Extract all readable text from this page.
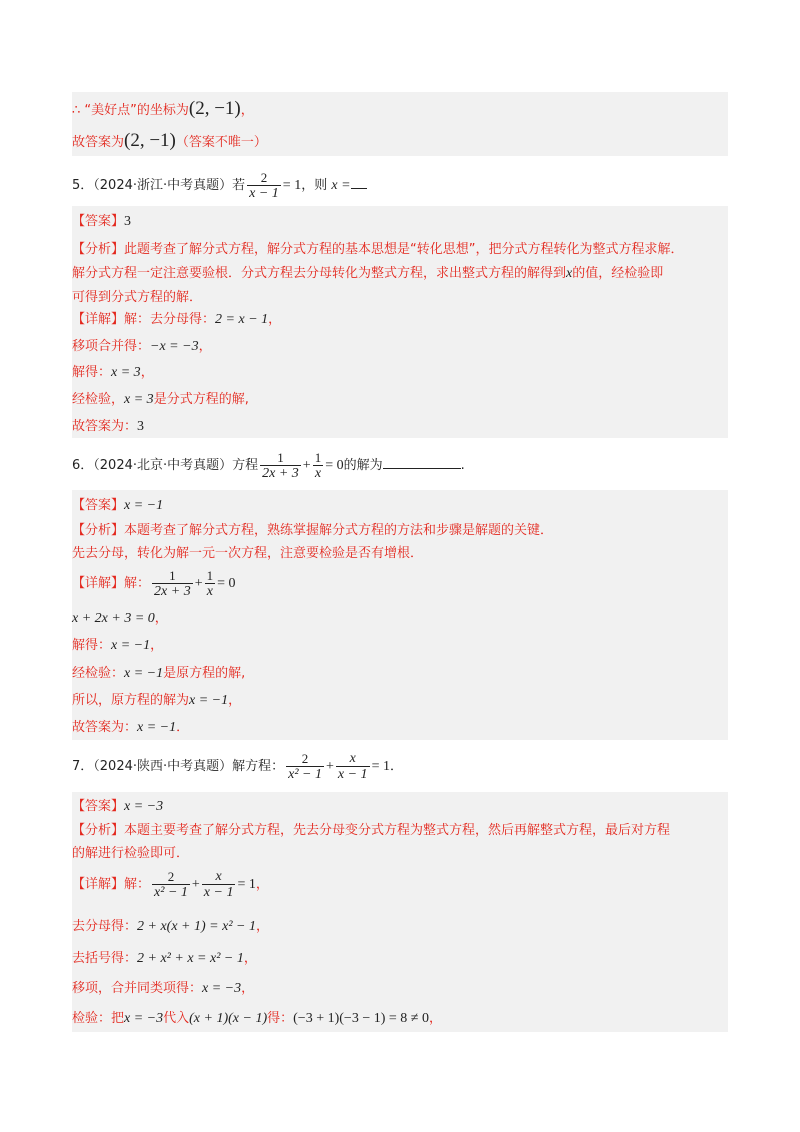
∴ “美好点”的坐标为(2, −1)，
故答案为(2, −1)（答案不唯一）
5．（2024·浙江·中考真题）若 $\frac{2}{x - 1} = 1$，则 x =
【答案】3
【分析】此题考查了解分式方程，解分式方程的基本思想是“转化思想”，把分式方程转化为整式方程求解．
解分式方程一定注意要验根．分式方程去分母转化为整式方程，求出整式方程的解得到x的值，经检验即
可得到分式方程的解．
【详解】解：去分母得：2 = x − 1，
移项合并得：−x = −3，
解得：x = 3，
经检验，x = 3是分式方程的解,
故答案为：3
6．（2024·北京·中考真题）方程 $\frac{1}{2x + 3} + \frac{1}{x} = 0$的解为	.
【答案】x = −1
【分析】本题考查了解分式方程，熟练掌握解分式方程的方法和步骤是解题的关键．
先去分母，转化为解一元一次方程，注意要检验是否有增根．
【详解】解： $\frac{1}{2x + 3} + \frac{1}{x} = 0$
x + 2x + 3 = 0，
解得：x = −1，
经检验：x = −1是原方程的解,
所以，原方程的解为x = −1，
故答案为：x = −1．
7．（2024·陕西·中考真题）解方程： $\frac{2}{\text{x² − 1}} + \frac{x}{x - 1} = 1$．
【答案】x = −3
【分析】本题主要考查了解分式方程，先去分母变分式方程为整式方程，然后再解整式方程，最后对方程
的解进行检验即可．
【详解】解： $\frac{2}{\text{x² − 1}} + \frac{x}{x - 1} = 1$，
去分母得：2 + x(x + 1) = x² − 1，
去括号得：2 + x² + x = x² − 1，
移项，合并同类项得：x = −3，
检验：把x = −3代入(x + 1)(x − 1)得：(−3 + 1)(−3 − 1) = 8 ≠ 0，
